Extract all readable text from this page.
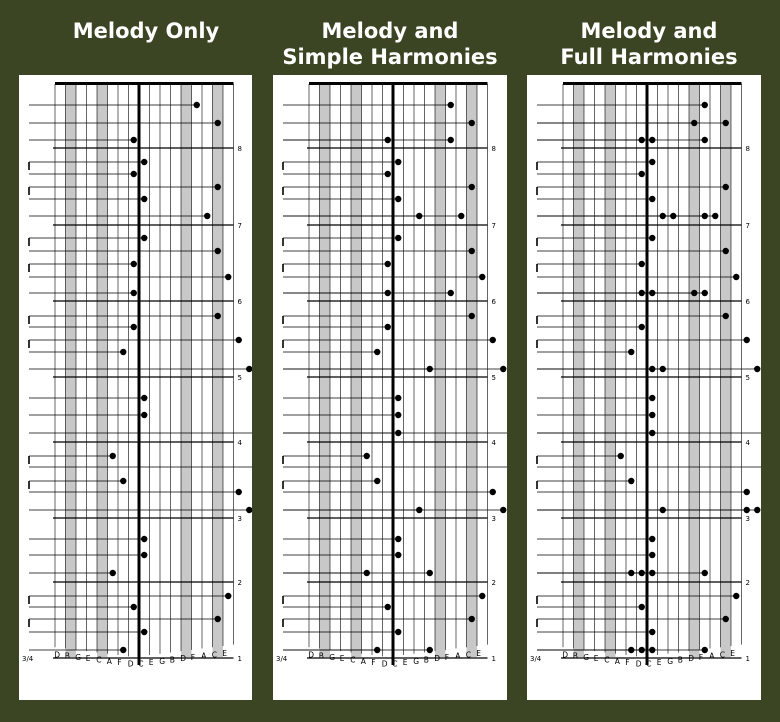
Melody Only	Melody and
Simple Harmonies
Melody and
Full Harmonies
8
7
6
5
4
3
2
1
3/4	D B G E C A F D C E G B D F A C E
8
7
6
5
4
3
2
1
3/4	D B G E C A F D C E G B D F A C E
8
7
6
5
4
3
2
1
3/4	D B G E C A F D C E G B D F A C E
